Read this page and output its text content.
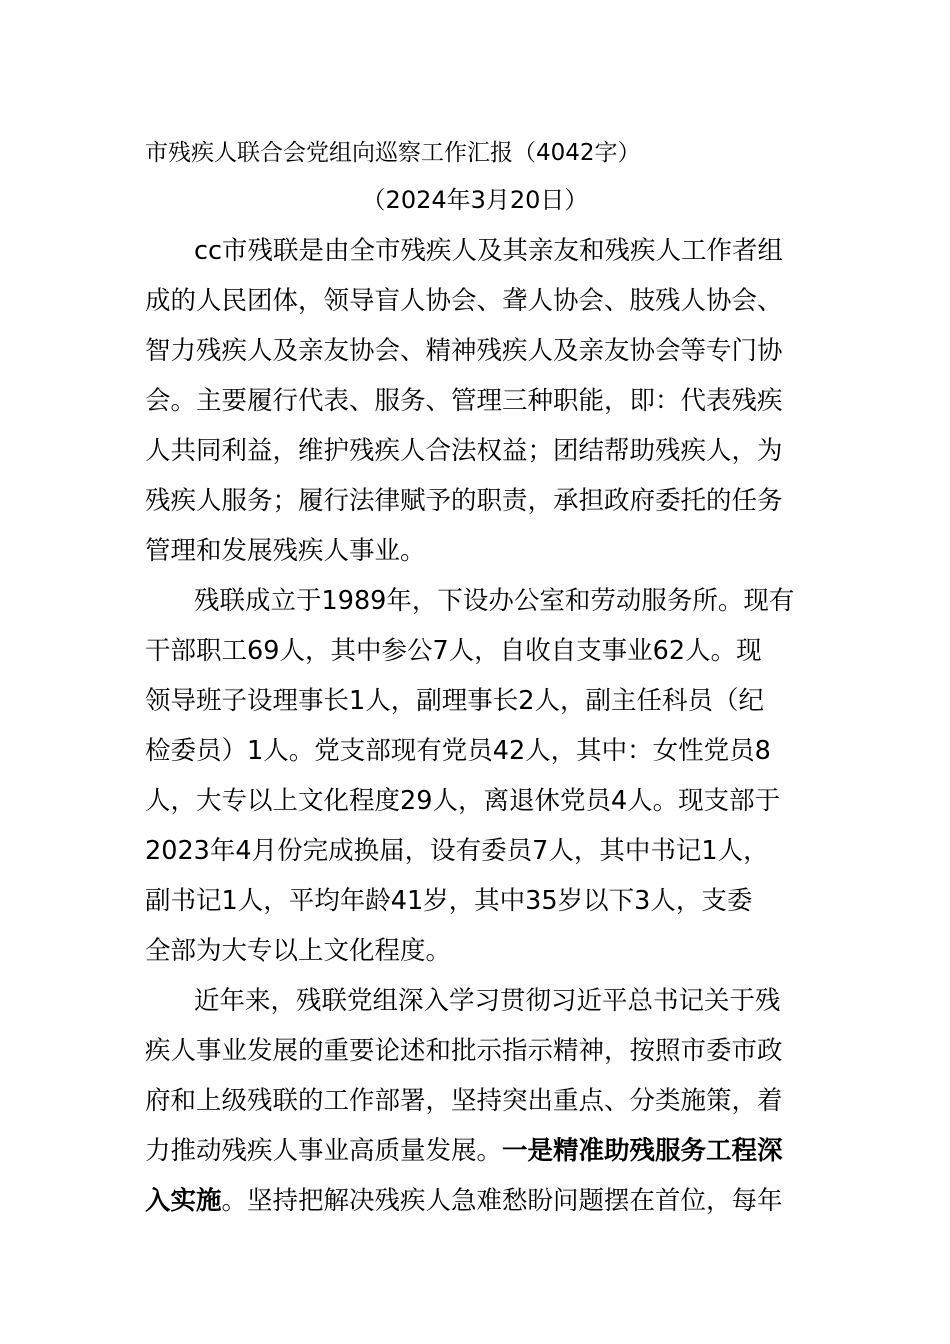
市残疾人联合会党组向巡察工作汇报（4042字）
（2024年3月20日）
cc市残联是由全市残疾人及其亲友和残疾人工作者组
成的人民团体，领导盲人协会、聋人协会、肢残人协会、
智力残疾人及亲友协会、精神残疾人及亲友协会等专门协
会。主要履行代表、服务、管理三种职能，即：代表残疾
人共同利益，维护残疾人合法权益；团结帮助残疾人，为
残疾人服务；履行法律赋予的职责，承担政府委托的任务
管理和发展残疾人事业。
残联成立于1989年，下设办公室和劳动服务所。现有
干部职工69人，其中参公7人，自收自支事业62人。现
领导班子设理事长1人，副理事长2人，副主任科员（纪
检委员）1人。党支部现有党员42人，其中：女性党员8
人，大专以上文化程度29人，离退休党员4人。现支部于
2023年4月份完成换届，设有委员7人，其中书记1人，
副书记1人，平均年龄41岁，其中35岁以下3人，支委
全部为大专以上文化程度。
近年来，残联党组深入学习贯彻习近平总书记关于残
疾人事业发展的重要论述和批示指示精神，按照市委市政
府和上级残联的工作部署，坚持突出重点、分类施策，着
力推动残疾人事业高质量发展。一是精准助残服务工程深
入实施。坚持把解决残疾人急难愁盼问题摆在首位，每年
